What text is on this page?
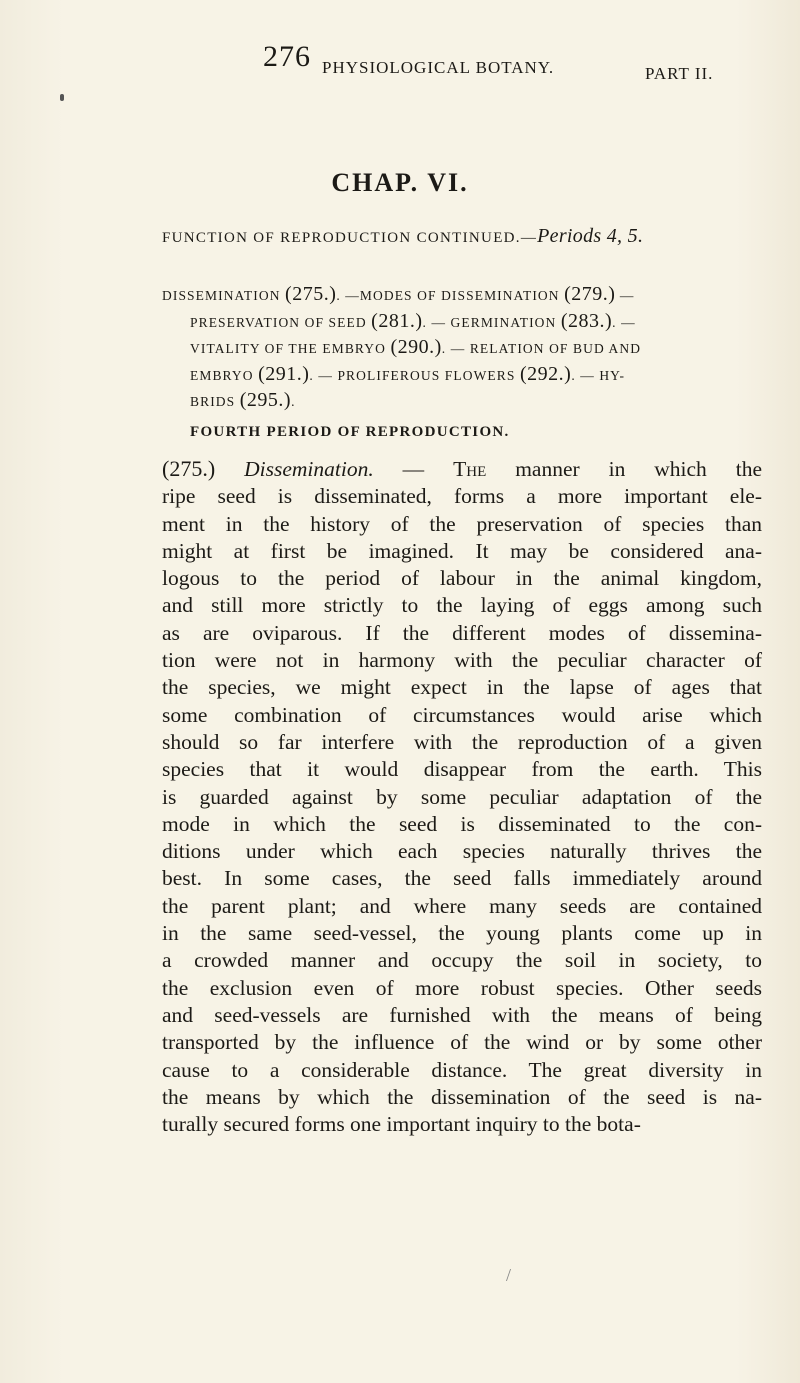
276 PHYSIOLOGICAL BOTANY.	PART II.

CHAP. VI.

FUNCTION OF REPRODUCTION CONTINUED.—Periods 4, 5.

DISSEMINATION (275.). —MODES OF DISSEMINATION (279.) —
PRESERVATION OF SEED (281.). — GERMINATION (283.). —
VITALITY OF THE EMBRYO (290.). — RELATION OF BUD AND
EMBRYO (291.). — PROLIFEROUS FLOWERS (292.). — HY-
BRIDS (295.).
FOURTH PERIOD OF REPRODUCTION.
(275.) Dissemination. — The manner in which the
ripe seed is disseminated, forms a more important ele-
ment in the history of the preservation of species than
might at first be imagined. It may be considered ana-
logous to the period of labour in the animal kingdom,
and still more strictly to the laying of eggs among such
as are oviparous. If the different modes of dissemina-
tion were not in harmony with the peculiar character of
the species, we might expect in the lapse of ages that
some combination of circumstances would arise which
should so far interfere with the reproduction of a given
species that it would disappear from the earth. This
is guarded against by some peculiar adaptation of the
mode in which the seed is disseminated to the con-
ditions under which each species naturally thrives the
best. In some cases, the seed falls immediately around
the parent plant; and where many seeds are contained
in the same seed-vessel, the young plants come up in
a crowded manner and occupy the soil in society, to
the exclusion even of more robust species. Other seeds
and seed-vessels are furnished with the means of being
transported by the influence of the wind or by some other
cause to a considerable distance. The great diversity in
the means by which the dissemination of the seed is na-
turally secured forms one important inquiry to the bota-

/
